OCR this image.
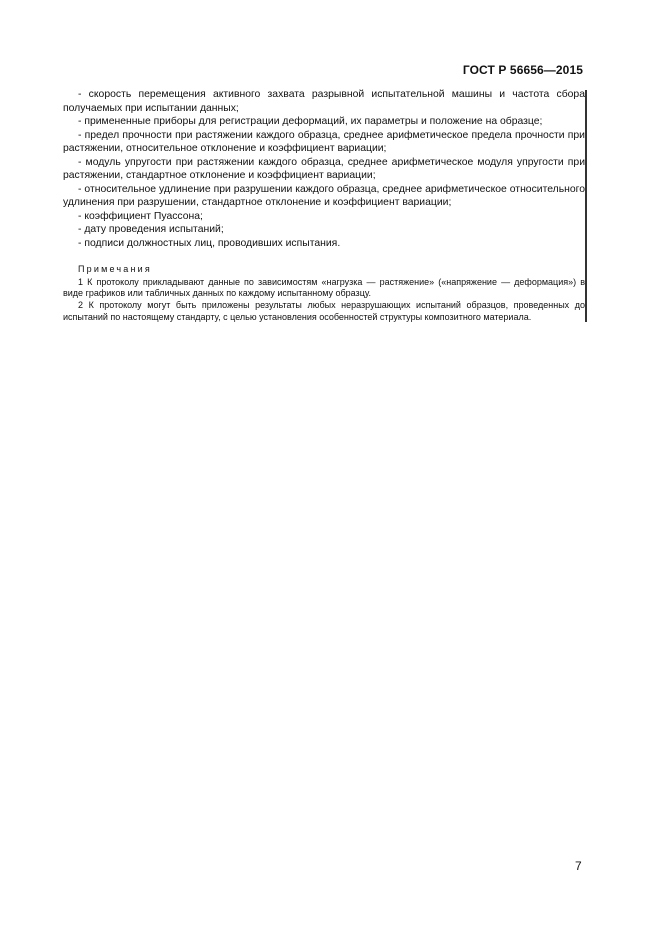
ГОСТ Р 56656—2015

- скорость перемещения активного захвата разрывной испытательной машины и частота сбора получаемых при испытании данных;

- примененные приборы для регистрации деформаций, их параметры и положение на образце;

- предел прочности при растяжении каждого образца, среднее арифметическое предела прочности при растяжении, относительное отклонение и коэффициент вариации;

- модуль упругости при растяжении каждого образца, среднее арифметическое модуля упругости при растяжении, стандартное отклонение и коэффициент вариации;

- относительное удлинение при разрушении каждого образца, среднее арифметическое относительного удлинения при разрушении, стандартное отклонение и коэффициент вариации;

- коэффициент Пуассона;

- дату проведения испытаний;

- подписи должностных лиц, проводивших испытания.

Примечания

1 К протоколу прикладывают данные по зависимостям «нагрузка — растяжение» («напряжение — деформация») в виде графиков или табличных данных по каждому испытанному образцу.

2 К протоколу могут быть приложены результаты любых неразрушающих испытаний образцов, проведенных до испытаний по настоящему стандарту, с целью установления особенностей структуры композитного материала.

7
